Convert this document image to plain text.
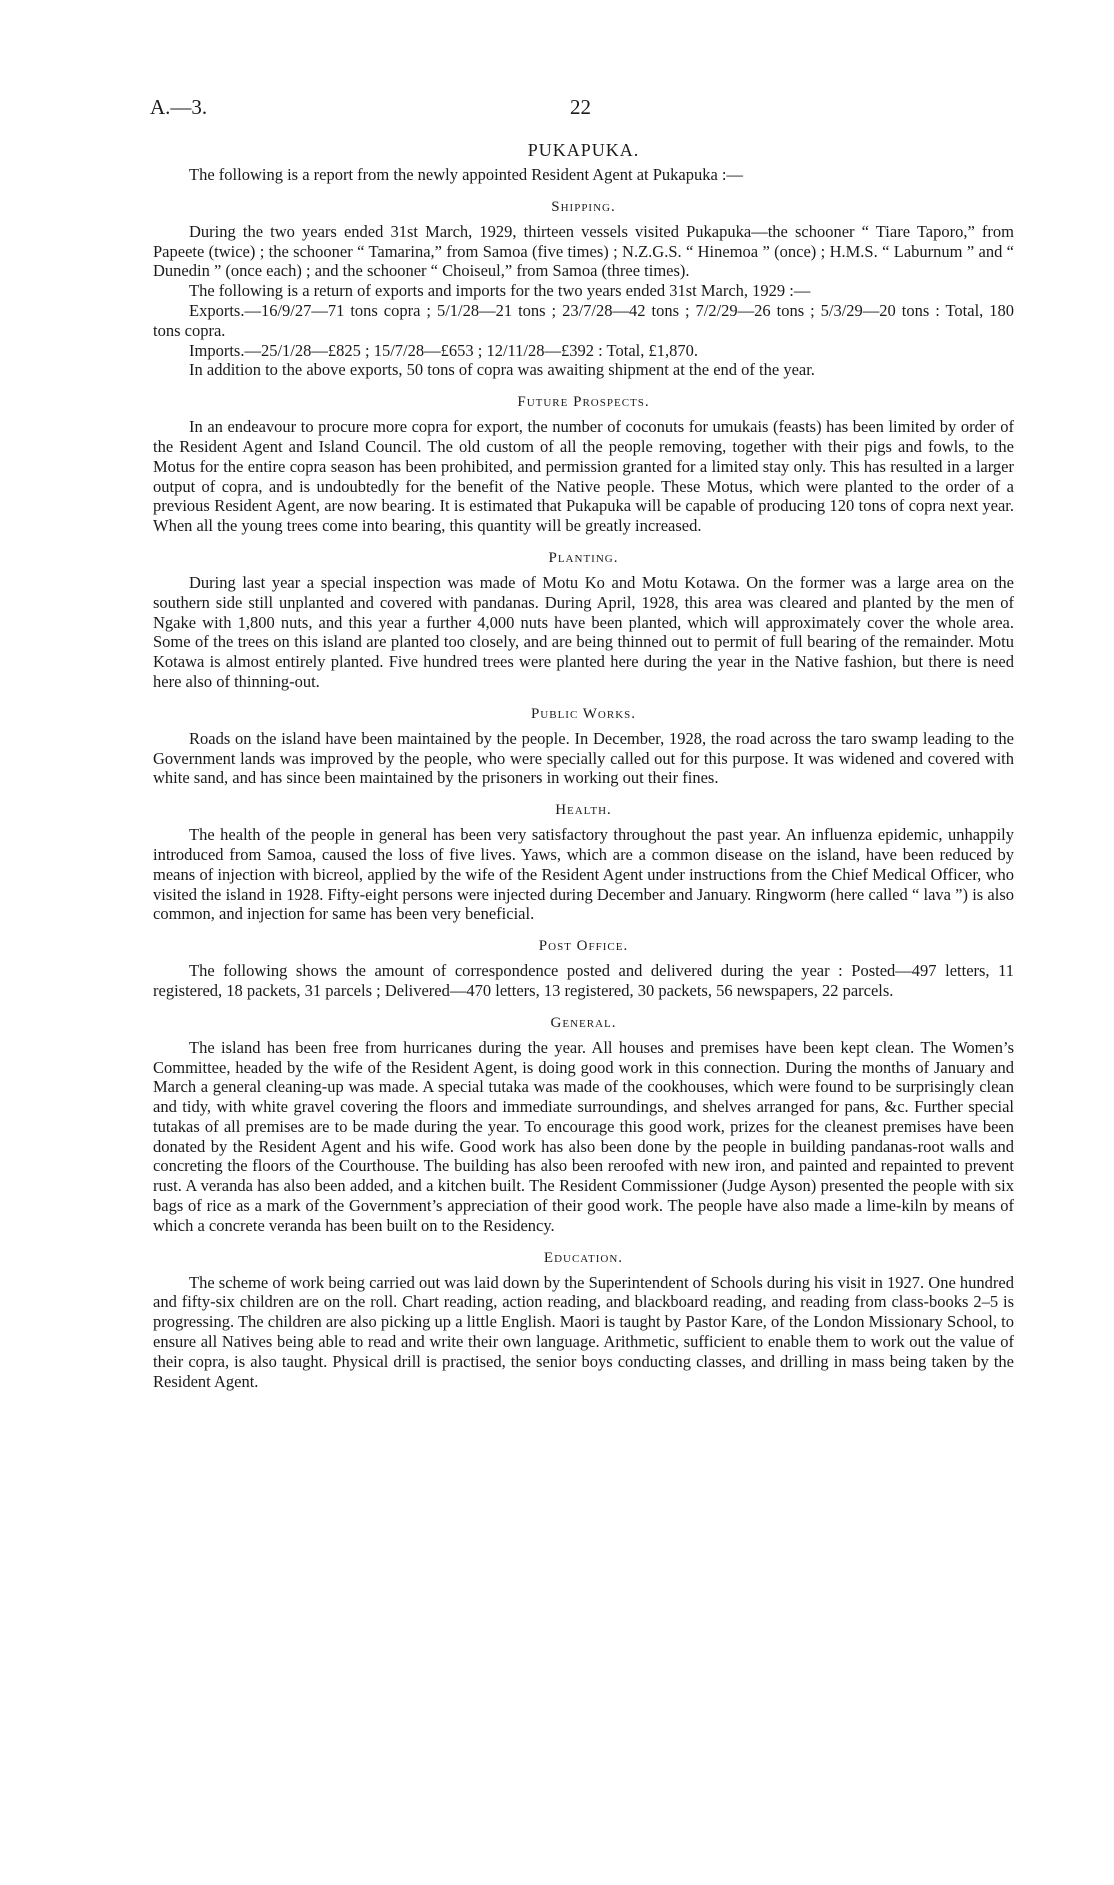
A.—3.	22
PUKAPUKA.

The following is a report from the newly appointed Resident Agent at Pukapuka :—

Shipping.

During the two years ended 31st March, 1929, thirteen vessels visited Pukapuka—the schooner “ Tiare Taporo,” from Papeete (twice) ; the schooner “ Tamarina,” from Samoa (five times) ; N.Z.G.S. “ Hinemoa ” (once) ; H.M.S. “ Laburnum ” and “ Dunedin ” (once each) ; and the schooner “ Choiseul,” from Samoa (three times).

The following is a return of exports and imports for the two years ended 31st March, 1929 :—

Exports.—16/9/27—71 tons copra ; 5/1/28—21 tons ; 23/7/28—42 tons ; 7/2/29—26 tons ; 5/3/29—20 tons : Total, 180 tons copra.

Imports.—25/1/28—£825 ; 15/7/28—£653 ; 12/11/28—£392 : Total, £1,870.

In addition to the above exports, 50 tons of copra was awaiting shipment at the end of the year.

Future Prospects.

In an endeavour to procure more copra for export, the number of coconuts for umukais (feasts) has been limited by order of the Resident Agent and Island Council. The old custom of all the people removing, together with their pigs and fowls, to the Motus for the entire copra season has been prohibited, and permission granted for a limited stay only. This has resulted in a larger output of copra, and is undoubtedly for the benefit of the Native people. These Motus, which were planted to the order of a previous Resident Agent, are now bearing. It is estimated that Pukapuka will be capable of producing 120 tons of copra next year. When all the young trees come into bearing, this quantity will be greatly increased.

Planting.

During last year a special inspection was made of Motu Ko and Motu Kotawa. On the former was a large area on the southern side still unplanted and covered with pandanas. During April, 1928, this area was cleared and planted by the men of Ngake with 1,800 nuts, and this year a further 4,000 nuts have been planted, which will approximately cover the whole area. Some of the trees on this island are planted too closely, and are being thinned out to permit of full bearing of the remainder. Motu Kotawa is almost entirely planted. Five hundred trees were planted here during the year in the Native fashion, but there is need here also of thinning-out.

Public Works.

Roads on the island have been maintained by the people. In December, 1928, the road across the taro swamp leading to the Government lands was improved by the people, who were specially called out for this purpose. It was widened and covered with white sand, and has since been maintained by the prisoners in working out their fines.

Health.

The health of the people in general has been very satisfactory throughout the past year. An influenza epidemic, unhappily introduced from Samoa, caused the loss of five lives. Yaws, which are a common disease on the island, have been reduced by means of injection with bicreol, applied by the wife of the Resident Agent under instructions from the Chief Medical Officer, who visited the island in 1928. Fifty-eight persons were injected during December and January. Ringworm (here called “ lava ”) is also common, and injection for same has been very beneficial.

Post Office.

The following shows the amount of correspondence posted and delivered during the year : Posted—497 letters, 11 registered, 18 packets, 31 parcels ; Delivered—470 letters, 13 registered, 30 packets, 56 newspapers, 22 parcels.

General.

The island has been free from hurricanes during the year. All houses and premises have been kept clean. The Women’s Committee, headed by the wife of the Resident Agent, is doing good work in this connection. During the months of January and March a general cleaning-up was made. A special tutaka was made of the cookhouses, which were found to be surprisingly clean and tidy, with white gravel covering the floors and immediate surroundings, and shelves arranged for pans, &c. Further special tutakas of all premises are to be made during the year. To encourage this good work, prizes for the cleanest premises have been donated by the Resident Agent and his wife. Good work has also been done by the people in building pandanas-root walls and concreting the floors of the Courthouse. The building has also been reroofed with new iron, and painted and repainted to prevent rust. A veranda has also been added, and a kitchen built. The Resident Commissioner (Judge Ayson) presented the people with six bags of rice as a mark of the Government’s appreciation of their good work. The people have also made a lime-kiln by means of which a concrete veranda has been built on to the Residency.

Education.

The scheme of work being carried out was laid down by the Superintendent of Schools during his visit in 1927. One hundred and fifty-six children are on the roll. Chart reading, action reading, and blackboard reading, and reading from class-books 2–5 is progressing. The children are also picking up a little English. Maori is taught by Pastor Kare, of the London Missionary School, to ensure all Natives being able to read and write their own language. Arithmetic, sufficient to enable them to work out the value of their copra, is also taught. Physical drill is practised, the senior boys conducting classes, and drilling in mass being taken by the Resident Agent.
